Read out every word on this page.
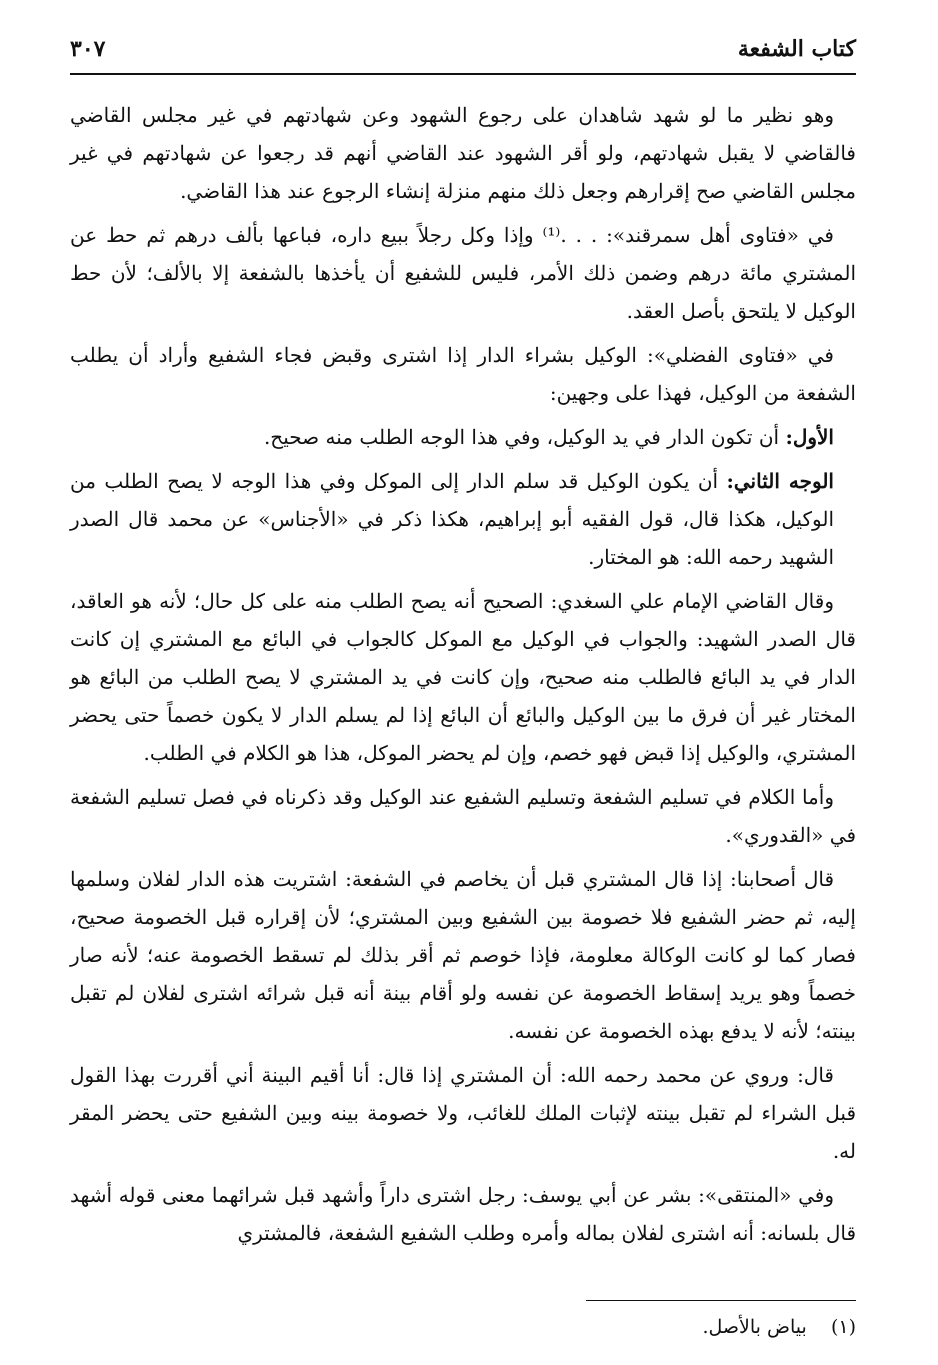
كتاب الشفعة
٣٠٧

وهو نظير ما لو شهد شاهدان على رجوع الشهود وعن شهادتهم في غير مجلس القاضي فالقاضي لا يقبل شهادتهم، ولو أقر الشهود عند القاضي أنهم قد رجعوا عن شهادتهم في غير مجلس القاضي صح إقرارهم وجعل ذلك منهم منزلة إنشاء الرجوع عند هذا القاضي.

في «فتاوى أهل سمرقند»: . . .⁽¹⁾ وإذا وكل رجلاً ببيع داره، فباعها بألف درهم ثم حط عن المشتري مائة درهم وضمن ذلك الأمر، فليس للشفيع أن يأخذها بالشفعة إلا بالألف؛ لأن حط الوكيل لا يلتحق بأصل العقد.

في «فتاوى الفضلي»: الوكيل بشراء الدار إذا اشترى وقبض فجاء الشفيع وأراد أن يطلب الشفعة من الوكيل، فهذا على وجهين:

الأول: أن تكون الدار في يد الوكيل، وفي هذا الوجه الطلب منه صحيح.

الوجه الثاني: أن يكون الوكيل قد سلم الدار إلى الموكل وفي هذا الوجه لا يصح الطلب من الوكيل، هكذا قال، قول الفقيه أبو إبراهيم، هكذا ذكر في «الأجناس» عن محمد قال الصدر الشهيد رحمه الله: هو المختار.

وقال القاضي الإمام علي السغدي: الصحيح أنه يصح الطلب منه على كل حال؛ لأنه هو العاقد، قال الصدر الشهيد: والجواب في الوكيل مع الموكل كالجواب في البائع مع المشتري إن كانت الدار في يد البائع فالطلب منه صحيح، وإن كانت في يد المشتري لا يصح الطلب من البائع هو المختار غير أن فرق ما بين الوكيل والبائع أن البائع إذا لم يسلم الدار لا يكون خصماً حتى يحضر المشتري، والوكيل إذا قبض فهو خصم، وإن لم يحضر الموكل، هذا هو الكلام في الطلب.

وأما الكلام في تسليم الشفعة وتسليم الشفيع عند الوكيل وقد ذكرناه في فصل تسليم الشفعة في «القدوري».

قال أصحابنا: إذا قال المشتري قبل أن يخاصم في الشفعة: اشتريت هذه الدار لفلان وسلمها إليه، ثم حضر الشفيع فلا خصومة بين الشفيع وبين المشتري؛ لأن إقراره قبل الخصومة صحيح، فصار كما لو كانت الوكالة معلومة، فإذا خوصم ثم أقر بذلك لم تسقط الخصومة عنه؛ لأنه صار خصماً وهو يريد إسقاط الخصومة عن نفسه ولو أقام بينة أنه قبل شرائه اشترى لفلان لم تقبل بينته؛ لأنه لا يدفع بهذه الخصومة عن نفسه.

قال: وروي عن محمد رحمه الله: أن المشتري إذا قال: أنا أقيم البينة أني أقررت بهذا القول قبل الشراء لم تقبل بينته لإثبات الملك للغائب، ولا خصومة بينه وبين الشفيع حتى يحضر المقر له.

وفي «المنتقى»: بشر عن أبي يوسف: رجل اشترى داراً وأشهد قبل شرائهما معنى قوله أشهد قال بلسانه: أنه اشترى لفلان بماله وأمره وطلب الشفيع الشفعة، فالمشتري

(١)    بياض بالأصل.
